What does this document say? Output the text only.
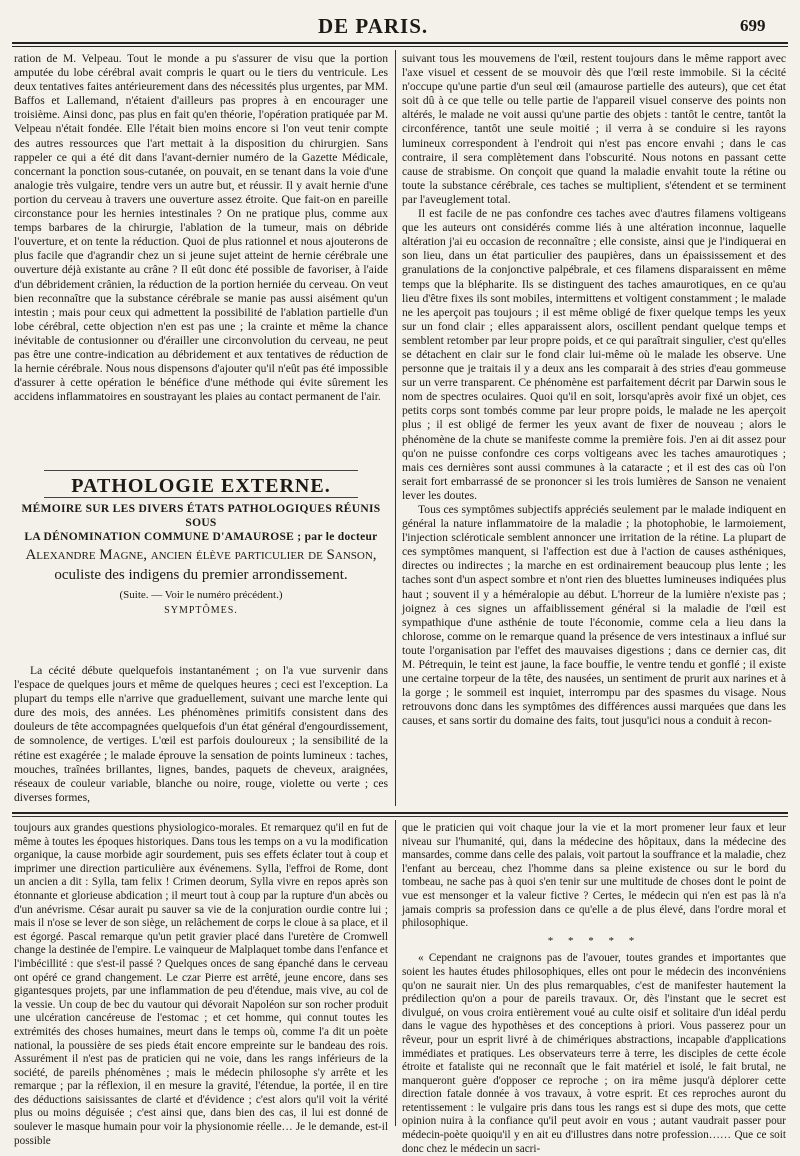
DE PARIS.	699

ration de M. Velpeau. Tout le monde a pu s'assurer de visu que la portion amputée du lobe cérébral avait compris le quart ou le tiers du ventricule. Les deux tentatives faites antérieurement dans des nécessités plus urgentes, par MM. Baffos et Lallemand, n'étaient d'ailleurs pas propres à en encourager une troisième. Ainsi donc, pas plus en fait qu'en théorie, l'opération pratiquée par M. Velpeau n'était fondée. Elle l'était bien moins encore si l'on veut tenir compte des autres ressources que l'art mettait à la disposition du chirurgien. Sans rappeler ce qui a été dit dans l'avant-dernier numéro de la Gazette Médicale, concernant la ponction sous-cutanée, on pouvait, en se tenant dans la voie d'une analogie très vulgaire, tendre vers un autre but, et réussir. Il y avait hernie d'une portion du cerveau à travers une ouverture assez étroite. Que fait-on en pareille circonstance pour les hernies intestinales ? On ne pratique plus, comme aux temps barbares de la chirurgie, l'ablation de la tumeur, mais on débride l'ouverture, et on tente la réduction. Quoi de plus rationnel et nous ajouterons de plus facile que d'agrandir chez un si jeune sujet atteint de hernie cérébrale une ouverture déjà existante au crâne ? Il eût donc été possible de favoriser, à l'aide d'un débridement crânien, la réduction de la portion herniée du cerveau. On veut bien reconnaître que la substance cérébrale se manie pas aussi aisément qu'un intestin ; mais pour ceux qui admettent la possibilité de l'ablation partielle d'un lobe cérébral, cette objection n'en est pas une ; la crainte et même la chance inévitable de contusionner ou d'érailler une circonvolution du cerveau, ne peut pas être une contre-indication au débridement et aux tentatives de réduction de la hernie cérébrale. Nous nous dispensons d'ajouter qu'il n'eût pas été impossible d'assurer à cette opération le bénéfice d'une méthode qui évite sûrement les accidens inflammatoires en soustrayant les plaies au contact permanent de l'air.

PATHOLOGIE EXTERNE.
MÉMOIRE SUR LES DIVERS ÉTATS PATHOLOGIQUES RÉUNIS SOUS
LA DÉNOMINATION COMMUNE D'AMAUROSE ; par le docteur
Alexandre Magne, ancien élève particulier de Sanson,
oculiste des indigens du premier arrondissement.
(Suite. — Voir le numéro précédent.)
SYMPTÔMES.

La cécité débute quelquefois instantanément ; on l'a vue survenir dans l'espace de quelques jours et même de quelques heures ; ceci est l'exception. La plupart du temps elle n'arrive que graduellement, suivant une marche lente qui dure des mois, des années. Les phénomènes primitifs consistent dans des douleurs de tête accompagnées quelquefois d'un état général d'engourdissement, de somnolence, de vertiges. L'œil est parfois douloureux ; la sensibilité de la rétine est exagérée ; le malade éprouve la sensation de points lumineux : taches, mouches, traînées brillantes, lignes, bandes, paquets de cheveux, araignées, réseaux de couleur variable, blanche ou noire, rouge, violette ou verte ; ces diverses formes,

suivant tous les mouvemens de l'œil, restent toujours dans le même rapport avec l'axe visuel et cessent de se mouvoir dès que l'œil reste immobile. Si la cécité n'occupe qu'une partie d'un seul œil (amaurose partielle des auteurs), que cet état soit dû à ce que telle ou telle partie de l'appareil visuel conserve des points non altérés, le malade ne voit aussi qu'une partie des objets : tantôt le centre, tantôt la circonférence, tantôt une seule moitié ; il verra à se conduire si les rayons lumineux correspondent à l'endroit qui n'est pas encore envahi ; dans le cas contraire, il sera complètement dans l'obscurité. Nous notons en passant cette cause de strabisme. On conçoit que quand la maladie envahit toute la rétine ou toute la substance cérébrale, ces taches se multiplient, s'étendent et se terminent par l'aveuglement total.

Il est facile de ne pas confondre ces taches avec d'autres filamens voltigeans que les auteurs ont considérés comme liés à une altération inconnue, laquelle altération j'ai eu occasion de reconnaître ; elle consiste, ainsi que je l'indiquerai en son lieu, dans un état particulier des paupières, dans un épaississement et des granulations de la conjonctive palpébrale, et ces filamens disparaissent en même temps que la blépharite. Ils se distinguent des taches amaurotiques, en ce qu'au lieu d'être fixes ils sont mobiles, intermittens et voltigent constamment ; le malade ne les aperçoit pas toujours ; il est même obligé de fixer quelque temps les yeux sur un fond clair ; elles apparaissent alors, oscillent pendant quelque temps et semblent retomber par leur propre poids, et ce qui paraîtrait singulier, c'est qu'elles se détachent en clair sur le fond clair lui-même où le malade les observe. Une personne que je traitais il y a deux ans les comparait à des stries d'eau gommeuse sur un verre transparent. Ce phénomène est parfaitement décrit par Darwin sous le nom de spectres oculaires. Quoi qu'il en soit, lorsqu'après avoir fixé un objet, ces petits corps sont tombés comme par leur propre poids, le malade ne les aperçoit plus ; il est obligé de fermer les yeux avant de fixer de nouveau ; alors le phénomène de la chute se manifeste comme la première fois. J'en ai dit assez pour qu'on ne puisse confondre ces corps voltigeans avec les taches amaurotiques ; mais ces dernières sont aussi communes à la cataracte ; et il est des cas où l'on serait fort embarrassé de se prononcer si les trois lumières de Sanson ne venaient lever les doutes.

Tous ces symptômes subjectifs appréciés seulement par le malade indiquent en général la nature inflammatoire de la maladie ; la photophobie, le larmoiement, l'injection scléroticale semblent annoncer une irritation de la rétine. La plupart de ces symptômes manquent, si l'affection est due à l'action de causes asthéniques, directes ou indirectes ; la marche en est ordinairement beaucoup plus lente ; les taches sont d'un aspect sombre et n'ont rien des bluettes lumineuses indiquées plus haut ; souvent il y a héméralopie au début. L'horreur de la lumière n'existe pas ; joignez à ces signes un affaiblissement général si la maladie de l'œil est sympathique d'une asthénie de toute l'économie, comme cela a lieu dans la chlorose, comme on le remarque quand la présence de vers intestinaux a influé sur toute l'organisation par l'effet des mauvaises digestions ; dans ce dernier cas, dit M. Pétrequin, le teint est jaune, la face bouffie, le ventre tendu et gonflé ; il existe une certaine torpeur de la tête, des nausées, un sentiment de prurit aux narines et à la gorge ; le sommeil est inquiet, interrompu par des spasmes du visage. Nous retrouvons donc dans les symptômes des différences aussi marquées que dans les causes, et sans sortir du domaine des faits, tout jusqu'ici nous a conduit à recon-

toujours aux grandes questions physiologico-morales. Et remarquez qu'il en fut de même à toutes les époques historiques. Dans tous les temps on a vu la modification organique, la cause morbide agir sourdement, puis ses effets éclater tout à coup et imprimer une direction particulière aux événemens. Sylla, l'effroi de Rome, dont un ancien a dit : Sylla, tam felix ! Crimen deorum, Sylla vivre en repos après son étonnante et glorieuse abdication ; il meurt tout à coup par la rupture d'un abcès ou d'un anévrisme. César aurait pu sauver sa vie de la conjuration ourdie contre lui ; mais il n'ose se lever de son siège, un relâchement de corps le cloue à sa place, et il est égorgé. Pascal remarque qu'un petit gravier placé dans l'uretère de Cromwell change la destinée de l'empire. Le vainqueur de Malplaquet tombe dans l'enfance et l'imbécillité : que s'est-il passé ? Quelques onces de sang épanché dans le cerveau ont opéré ce grand changement. Le czar Pierre est arrêté, jeune encore, dans ses gigantesques projets, par une inflammation de peu d'étendue, mais vive, au col de la vessie. Un coup de bec du vautour qui dévorait Napoléon sur son rocher produit une ulcération cancéreuse de l'estomac ; et cet homme, qui connut toutes les extrémités des choses humaines, meurt dans le temps où, comme l'a dit un poète national, la poussière de ses pieds était encore empreinte sur le bandeau des rois. Assurément il n'est pas de praticien qui ne voie, dans les rangs inférieurs de la société, de pareils phénomènes ; mais le médecin philosophe s'y arrête et les remarque ; par la réflexion, il en mesure la gravité, l'étendue, la portée, il en tire des déductions saisissantes de clarté et d'évidence ; c'est alors qu'il voit la vérité plus ou moins déguisée ; c'est ainsi que, dans bien des cas, il lui est donné de soulever le masque humain pour voir la physionomie réelle… Je le demande, est-il possible

que le praticien qui voit chaque jour la vie et la mort promener leur faux et leur niveau sur l'humanité, qui, dans la médecine des hôpitaux, dans la médecine des mansardes, comme dans celle des palais, voit partout la souffrance et la maladie, chez l'enfant au berceau, chez l'homme dans sa pleine existence ou sur le bord du tombeau, ne sache pas à quoi s'en tenir sur une multitude de choses dont le point de vue est mensonger et la valeur fictive ? Certes, le médecin qui n'en est pas là n'a jamais compris sa profession dans ce qu'elle a de plus élevé, dans l'ordre moral et philosophique.

* * * * *

« Cependant ne craignons pas de l'avouer, toutes grandes et importantes que soient les hautes études philosophiques, elles ont pour le médecin des inconvéniens qu'on ne saurait nier. Un des plus remarquables, c'est de manifester hautement la prédilection qu'on a pour de pareils travaux. Or, dès l'instant que le secret est divulgué, on vous croira entièrement voué au culte oisif et solitaire d'un idéal perdu dans le vague des hypothèses et des conceptions à priori. Vous passerez pour un rêveur, pour un esprit livré à de chimériques abstractions, incapable d'applications immédiates et pratiques. Les observateurs terre à terre, les disciples de cette école étroite et fataliste qui ne reconnaît que le fait matériel et isolé, le fait brutal, ne manqueront guère d'opposer ce reproche ; on ira même jusqu'à déplorer cette direction fatale donnée à vos travaux, à votre esprit. Et ces reproches auront du retentissement : le vulgaire pris dans tous les rangs est si dupe des mots, que cette opinion nuira à la confiance qu'il peut avoir en vous ; autant vaudrait passer pour médecin-poète quoiqu'il y en ait eu d'illustres dans notre profession…… Que ce soit donc chez le médecin un sacri-
